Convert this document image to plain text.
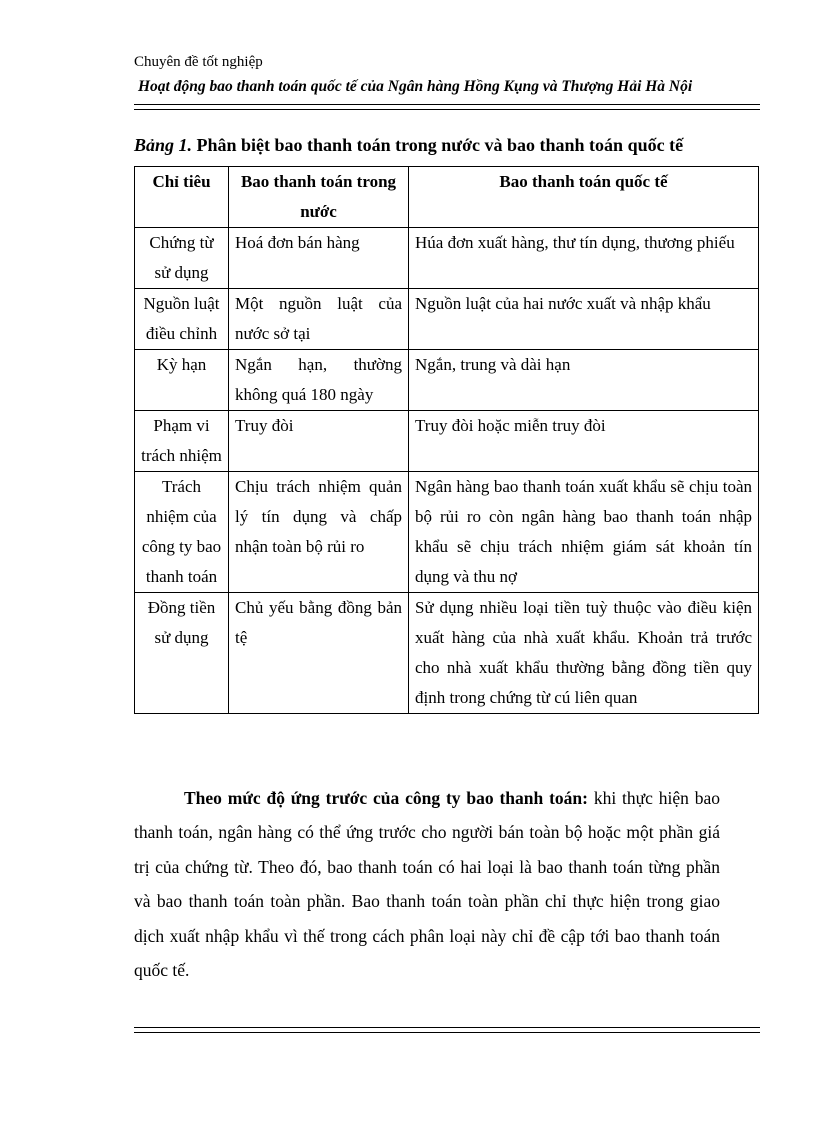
Chuyên đề tốt nghiệp
Hoạt động bao thanh toán quốc tế của Ngân hàng Hồng Kụng và Thượng Hải Hà Nội
Bảng 1. Phân biệt bao thanh toán trong nước và bao thanh toán quốc tế
Chỉ tiêu	Bao thanh toán trong nước	Bao thanh toán quốc tế
Chứng từ sử dụng	Hoá đơn bán hàng	Húa đơn xuất hàng, thư tín dụng, thương phiếu
Nguồn luật điều chỉnh	Một nguồn luật của nước sở tại	Nguồn luật của hai nước xuất và nhập khẩu
Kỳ hạn	Ngắn hạn, thường không quá 180 ngày	Ngắn, trung và dài hạn
Phạm vi trách nhiệm	Truy đòi	Truy đòi hoặc miễn truy đòi
Trách nhiệm của công ty bao thanh toán	Chịu trách nhiệm quản lý tín dụng và chấp nhận toàn bộ rủi ro	Ngân hàng bao thanh toán xuất khẩu sẽ chịu toàn bộ rủi ro còn ngân hàng bao thanh toán nhập khẩu sẽ chịu trách nhiệm giám sát khoản tín dụng và thu nợ
Đồng tiền sử dụng	Chủ yếu bằng đồng bản tệ	Sử dụng nhiều loại tiền tuỳ thuộc vào điều kiện xuất hàng của nhà xuất khẩu. Khoản trả trước cho nhà xuất khẩu thường bằng đồng tiền quy định trong chứng từ cú liên quan

Theo mức độ ứng trước của công ty bao thanh toán: khi thực hiện bao thanh toán, ngân hàng có thể ứng trước cho người bán toàn bộ hoặc một phần giá trị của chứng từ. Theo đó, bao thanh toán có hai loại là bao thanh toán từng phần và bao thanh toán toàn phần. Bao thanh toán toàn phần chỉ thực hiện trong giao dịch xuất nhập khẩu vì thế trong cách phân loại này chỉ đề cập tới bao thanh toán quốc tế.
